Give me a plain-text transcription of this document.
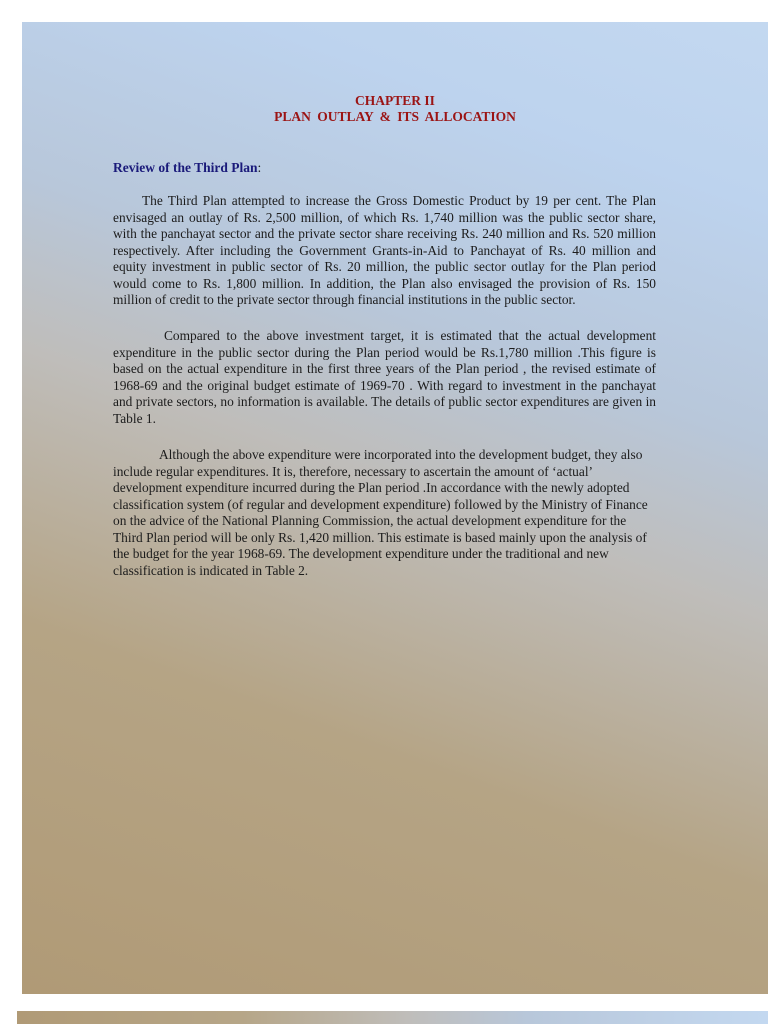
CHAPTER II
PLAN OUTLAY & ITS ALLOCATION
Review of the Third Plan:

The Third Plan attempted to increase the Gross Domestic Product by 19 per cent. The Plan envisaged an outlay of Rs. 2,500 million, of which Rs. 1,740 million was the public sector share, with the panchayat sector and the private sector share receiving Rs. 240 million and Rs. 520 million respectively. After including the Government Grants-in-Aid to Panchayat of Rs. 40 million and equity investment in public sector of Rs. 20 million, the public sector outlay for the Plan period would come to Rs. 1,800 million. In addition, the Plan also envisaged the provision of Rs. 150 million of credit to the private sector through financial institutions in the public sector.

Compared to the above investment target, it is estimated that the actual development expenditure in the public sector during the Plan period would be Rs.1,780 million .This figure is based on the actual expenditure in the first three years of the Plan period , the revised estimate of 1968-69 and the original budget estimate of 1969-70 . With regard to investment in the panchayat and private sectors, no information is available. The details of public sector expenditures are given in Table 1.

Although the above expenditure were incorporated into the development budget, they also include regular expenditures. It is, therefore, necessary to ascertain the amount of ‘actual’ development expenditure incurred during the Plan period .In accordance with the newly adopted classification system (of regular and development expenditure) followed by the Ministry of Finance on the advice of the National Planning Commission, the actual development expenditure for the Third Plan period will be only Rs. 1,420 million. This estimate is based mainly upon the analysis of the budget for the year 1968-69. The development expenditure under the traditional and new classification is indicated in Table 2.
